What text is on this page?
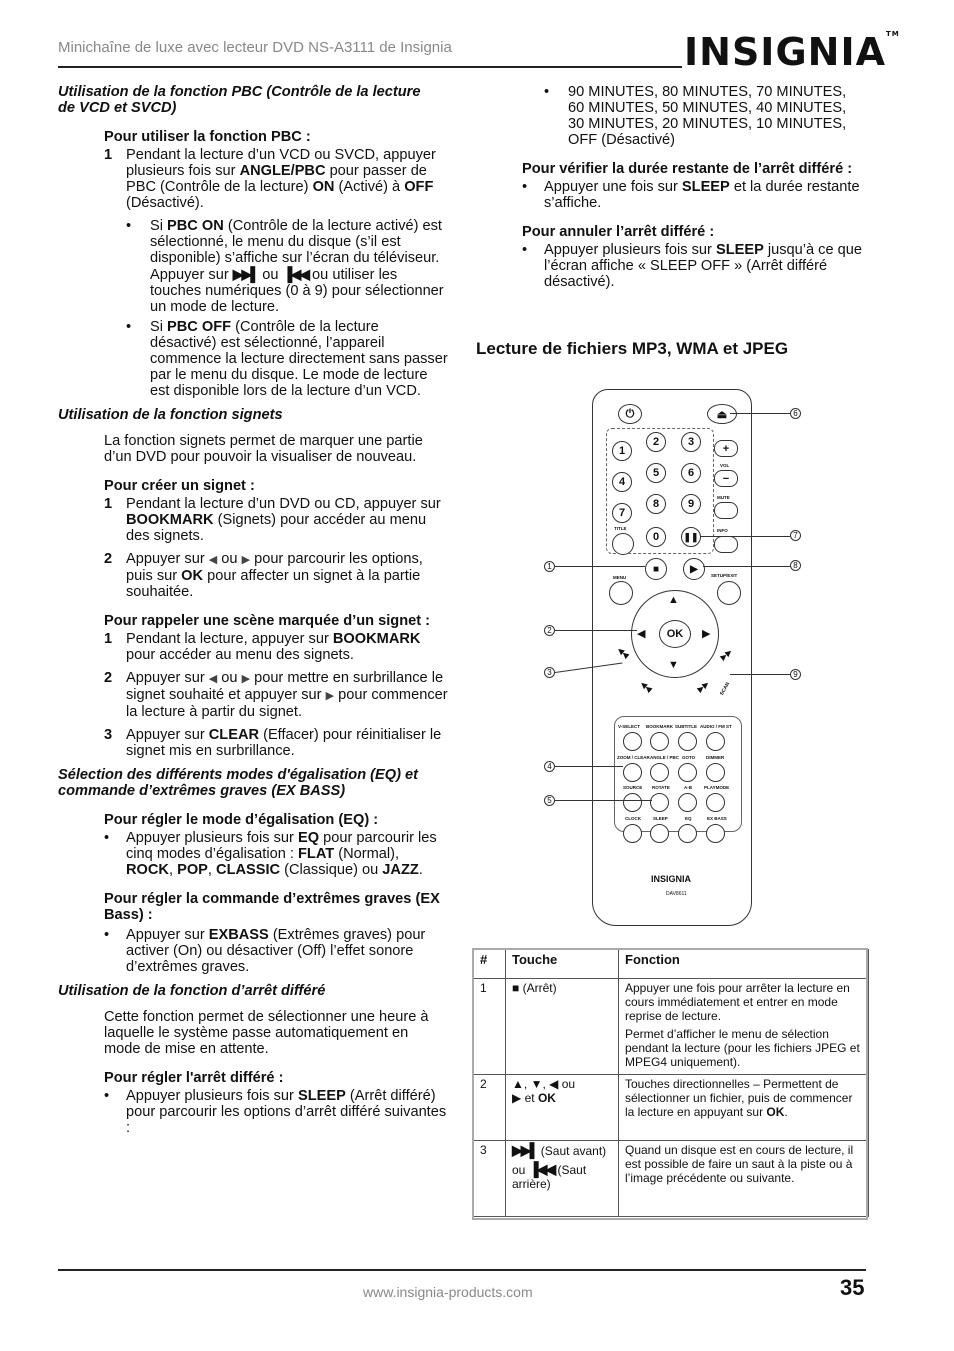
Minichaîne de luxe avec lecteur DVD NS-A3111 de Insignia	INSIGNIA™
Utilisation de la fonction PBC (Contrôle de la lecture de VCD et SVCD)
Pour utiliser la fonction PBC :
1 Pendant la lecture d’un VCD ou SVCD, appuyer plusieurs fois sur ANGLE/PBC pour passer de PBC (Contrôle de la lecture) ON (Activé) à OFF (Désactivé).
• Si PBC ON (Contrôle de la lecture activé) est sélectionné, le menu du disque (s’il est disponible) s’affiche sur l’écran du téléviseur. Appuyer sur ▶▶▌ ou ▐◀◀ ou utiliser les touches numériques (0 à 9) pour sélectionner un mode de lecture.
• Si PBC OFF (Contrôle de la lecture désactivé) est sélectionné, l’appareil commence la lecture directement sans passer par le menu du disque. Le mode de lecture est disponible lors de la lecture d’un VCD.
Utilisation de la fonction signets
La fonction signets permet de marquer une partie d’un DVD pour pouvoir la visualiser de nouveau.
Pour créer un signet :
1 Pendant la lecture d’un DVD ou CD, appuyer sur BOOKMARK (Signets) pour accéder au menu des signets.
2 Appuyer sur ◀ ou ▶ pour parcourir les options, puis sur OK pour affecter un signet à la partie souhaitée.
Pour rappeler une scène marquée d’un signet :
1 Pendant la lecture, appuyer sur BOOKMARK pour accéder au menu des signets.
2 Appuyer sur ◀ ou ▶ pour mettre en surbrillance le signet souhaité et appuyer sur ▶ pour commencer la lecture à partir du signet.
3 Appuyer sur CLEAR (Effacer) pour réinitialiser le signet mis en surbrillance.
Sélection des différents modes d'égalisation (EQ) et commande d’extrêmes graves (EX BASS)
Pour régler le mode d’égalisation (EQ) :
• Appuyer plusieurs fois sur EQ pour parcourir les cinq modes d’égalisation : FLAT (Normal), ROCK, POP, CLASSIC (Classique) ou JAZZ.
Pour régler la commande d’extrêmes graves (EX Bass) :
• Appuyer sur EXBASS (Extrêmes graves) pour activer (On) ou désactiver (Off) l’effet sonore d’extrêmes graves.
Utilisation de la fonction d’arrêt différé
Cette fonction permet de sélectionner une heure à laquelle le système passe automatiquement en mode de mise en attente.
Pour régler l'arrêt différé :
• Appuyer plusieurs fois sur SLEEP (Arrêt différé) pour parcourir les options d’arrêt différé suivantes :
• 90 MINUTES, 80 MINUTES, 70 MINUTES, 60 MINUTES, 50 MINUTES, 40 MINUTES, 30 MINUTES, 20 MINUTES, 10 MINUTES, OFF (Désactivé)
Pour vérifier la durée restante de l’arrêt différé :
• Appuyer une fois sur SLEEP et la durée restante s’affiche.
Pour annuler l’arrêt différé :
• Appuyer plusieurs fois sur SLEEP jusqu’à ce que l’écran affiche « SLEEP OFF » (Arrêt différé désactivé).
Lecture de fichiers MP3, WMA et JPEG
⏻	⏏
1
2	3
4
5	6
7
8	9
0
+
VOL
−
MUTE
TITLE
❚❚
INFO
■	▶
MENU	SETUP/EXIT
▲
▼
◀	▶
OK
◀◀
◀◀	▶▶
▶▶
SCAN
V-SELECT BOOKMARK SUBTITLE AUDIO / FM ST
ZOOM / CLEAR ANGLE / PBC GOTO DIMMER
SOURCE ROTATE	A-B	PLAYMODE
CLOCK	SLEEP	EQ	EX BASS
INSIGNIA
DAV8611
1
2
3
4
5
6
7
8
9
#	Touche	Fonction
1	■ (Arrêt)	Appuyer une fois pour arrêter la lecture en cours immédiatement et entrer en mode reprise de lecture.
Permet d’afficher le menu de sélection pendant la lecture (pour les fichiers JPEG et MPEG4 uniquement).

2	▲, ▼, ◀ ou
▶ et OK	Touches directionnelles – Permettent de sélectionner un fichier, puis de commencer la lecture en appuyant sur OK.
3	▶▶▌ (Saut avant)
ou ▐◀◀ (Saut arrière)	Quand un disque est en cours de lecture, il est possible de faire un saut à la piste ou à l’image précédente ou suivante.
www.insignia-products.com	35
